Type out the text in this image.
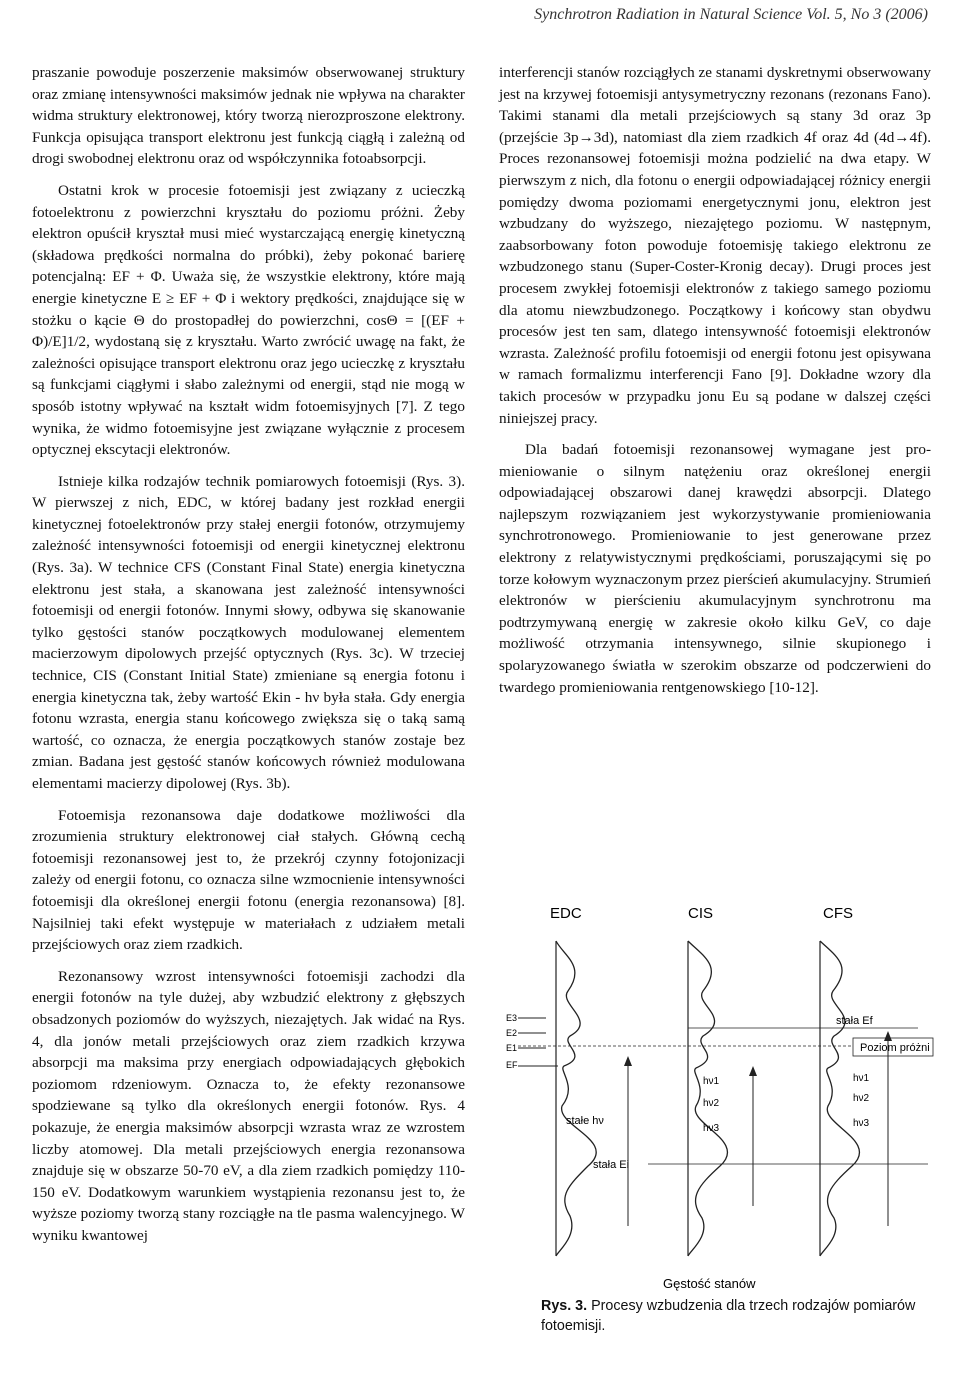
Synchrotron Radiation in Natural Science Vol. 5, No 3 (2006)

praszanie powoduje poszerzenie maksimów obserwowanej struktury oraz zmianę intensywności maksimów jednak nie wpływa na charakter widma struktury elektronowej, który tworzą nierozproszone elektrony. Funkcja opisująca transport elektronu jest funkcją ciągłą i zależną od drogi swobodnej elektronu oraz od współczynnika fotoabsorpcji.

Ostatni krok w procesie fotoemisji jest związany z ucieczką fotoelektronu z powierzchni kryształu do poziomu próżni. Żeby elektron opuścił kryształ musi mieć wystarczającą energię kinetyczną (składowa prędkości normalna do próbki), żeby pokonać barierę potencjalną: EF + Φ. Uważa się, że wszystkie elektrony, które mają energie kinetyczne E ≥ EF + Φ i wektory prędkości, znajdujące się w stożku o kącie Θ do prostopadłej do powierzchni, cosΘ = [(EF + Φ)/E]1/2, wydostaną się z kryształu. Warto zwrócić uwagę na fakt, że zależności opisujące transport elektronu oraz jego ucieczkę z kryształu są funkcjami ciągłymi i słabo zależnymi od energii, stąd nie mogą w sposób istotny wpływać na kształt widm fotoemisyjnych [7]. Z tego wynika, że widmo fotoemisyjne jest związane wyłącznie z procesem optycznej ekscytacji elektronów.

Istnieje kilka rodzajów technik pomiarowych fotoemisji (Rys. 3). W pierwszej z nich, EDC, w której badany jest rozkład energii kinetycznej fotoelektronów przy stałej energii fotonów, otrzymujemy zależność intensywności fotoemisji od energii kinetycznej elektronu (Rys. 3a). W technice CFS (Constant Final State) energia kinetyczna elektronu jest stała, a skanowana jest zależność intensywności fotoemisji od energii fotonów. Innymi słowy, odbywa się skanowanie tylko gęstości stanów początkowych modulowanej elementem macierzowym dipolowych przejść optycznych (Rys. 3c). W trzeciej technice, CIS (Constant Initial State) zmieniane są energia fotonu i energia kinetyczna tak, żeby wartość Ekin - hν była stała. Gdy energia fotonu wzrasta, energia stanu końcowego zwiększa się o taką samą wartość, co oznacza, że energia początkowych stanów zostaje bez zmian. Badana jest gęstość stanów końcowych również modulowana elementami macierzy dipolowej (Rys. 3b).

Fotoemisja rezonansowa daje dodatkowe możliwości dla zrozumienia struktury elektronowej ciał stałych. Główną cechą fotoemisji rezonansowej jest to, że przekrój czynny fotojonizacji zależy od energii fotonu, co oznacza silne wzmocnienie intensywności fotoemisji dla określonej energii fotonu (energia rezonansowa) [8]. Najsilniej taki efekt występuje w materiałach z udziałem metali przejściowych oraz ziem rzadkich.

Rezonansowy wzrost intensywności fotoemisji zachodzi dla energii fotonów na tyle dużej, aby wzbudzić elektrony z głębszych obsadzonych poziomów do wyższych, niezajętych. Jak widać na Rys. 4, dla jonów metali przejściowych oraz ziem rzadkich krzywa absorpcji ma maksima przy energiach odpowiadających głębokich poziomom rdzeniowym. Oznacza to, że efekty rezonansowe spodziewane są tylko dla określonych energii fotonów. Rys. 4 pokazuje, że energia maksimów absorpcji wzrasta wraz ze wzrostem liczby atomowej. Dla metali przejściowych energia rezonansowa znajduje się w obszarze 50-70 eV, a dla ziem rzadkich pomiędzy 110-150 eV. Dodatkowym warunkiem wystąpienia rezonansu jest to, że wyższe poziomy tworzą stany rozciągłe na tle pasma walencyjnego. W wyniku kwantowej

interferencji stanów rozciągłych ze stanami dyskretnymi obserwowany jest na krzywej fotoemisji antysymetryczny rezonans (rezonans Fano). Takimi stanami dla metali przejściowych są stany 3d oraz 3p (przejście 3p→3d), natomiast dla ziem rzadkich 4f oraz 4d (4d→4f). Proces rezonansowej fotoemisji można podzielić na dwa etapy. W pierwszym z nich, dla fotonu o energii odpowiadającej różnicy energii pomiędzy dwoma poziomami energetycznymi jonu, elektron jest wzbudzany do wyższego, niezajętego poziomu. W następnym, zaabsorbowany foton powoduje fotoemisję takiego elektronu ze wzbudzonego stanu (Super-Coster-Kronig decay). Drugi proces jest procesem zwykłej fotoemisji elektronów z takiego samego poziomu dla atomu niewzbudzonego. Początkowy i końcowy stan obydwu procesów jest ten sam, dlatego intensywność fotoemisji elektronów wzrasta. Zależność profilu fotoemisji od energii fotonu jest opisywana w ramach formalizmu interferencji Fano [9]. Dokładne wzory dla takich procesów w przypadku jonu Eu są podane w dalszej części niniejszej pracy.

Dla badań fotoemisji rezonansowej wymagane jest promieniowanie o silnym natężeniu oraz określonej energii odpowiadającej obszarowi danej krawędzi absorpcji. Dlatego najlepszym rozwiązaniem jest wykorzystywanie promieniowania synchrotronowego. Promieniowanie to jest generowane przez elektrony z relatywistycznymi prędkościami, poruszającymi się po torze kołowym wyznaczonym przez pierścień akumulacyjny. Strumień elektronów w pierścieniu akumulacyjnym synchrotronu ma podtrzymywaną energię w zakresie około kilku GeV, co daje możliwość otrzymania intensywnego, silnie skupionego i spolaryzowanego światła w szerokim obszarze od podczerwieni do twardego promieniowania rentgenowskiego [10-12].

EDC	CIS	CFS
E3
E2
E1
EF
Poziom próżni
stała Ef
hν1
hν2
hν3
hν1
hν2
hν3
stałe hν
stała Ei
Gęstość stanów
Rys. 3. Procesy wzbudzenia dla trzech rodzajów pomiarów fotoemisji.
